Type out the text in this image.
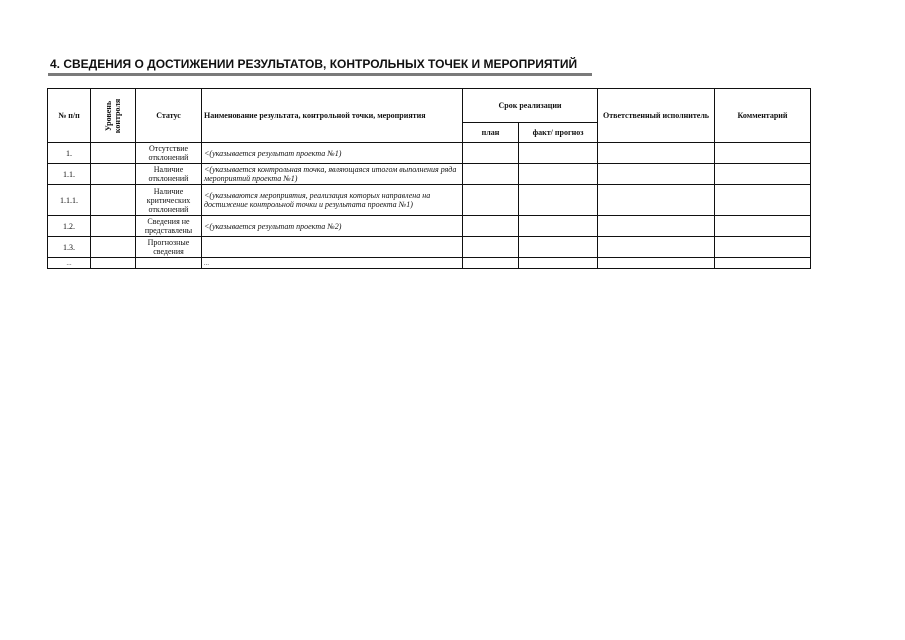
4. СВЕДЕНИЯ О ДОСТИЖЕНИИ РЕЗУЛЬТАТОВ, КОНТРОЛЬНЫХ ТОЧЕК И МЕРОПРИЯТИЙ
№ п/п	Уровень контроля	Статус	Наименование результата, контрольной точки, мероприятия	Срок реализации		Ответственный исполнитель	Комментарий
				план	факт/ прогноз		
1.		Отсутствие отклонений	<(указывается результат проекта №1)				
1.1.		Наличие отклонений	<(указывается контрольная точка, являющаяся итогом выполнения ряда мероприятий проекта №1)				
1.1.1.		Наличие критических отклонений	<(указываются мероприятия, реализация которых направлена на достижение контрольной точки и результата проекта №1)				
1.2.		Сведения не представлены	<(указывается результат проекта №2)				
1.3.		Прогнозные сведения					
...			...				
